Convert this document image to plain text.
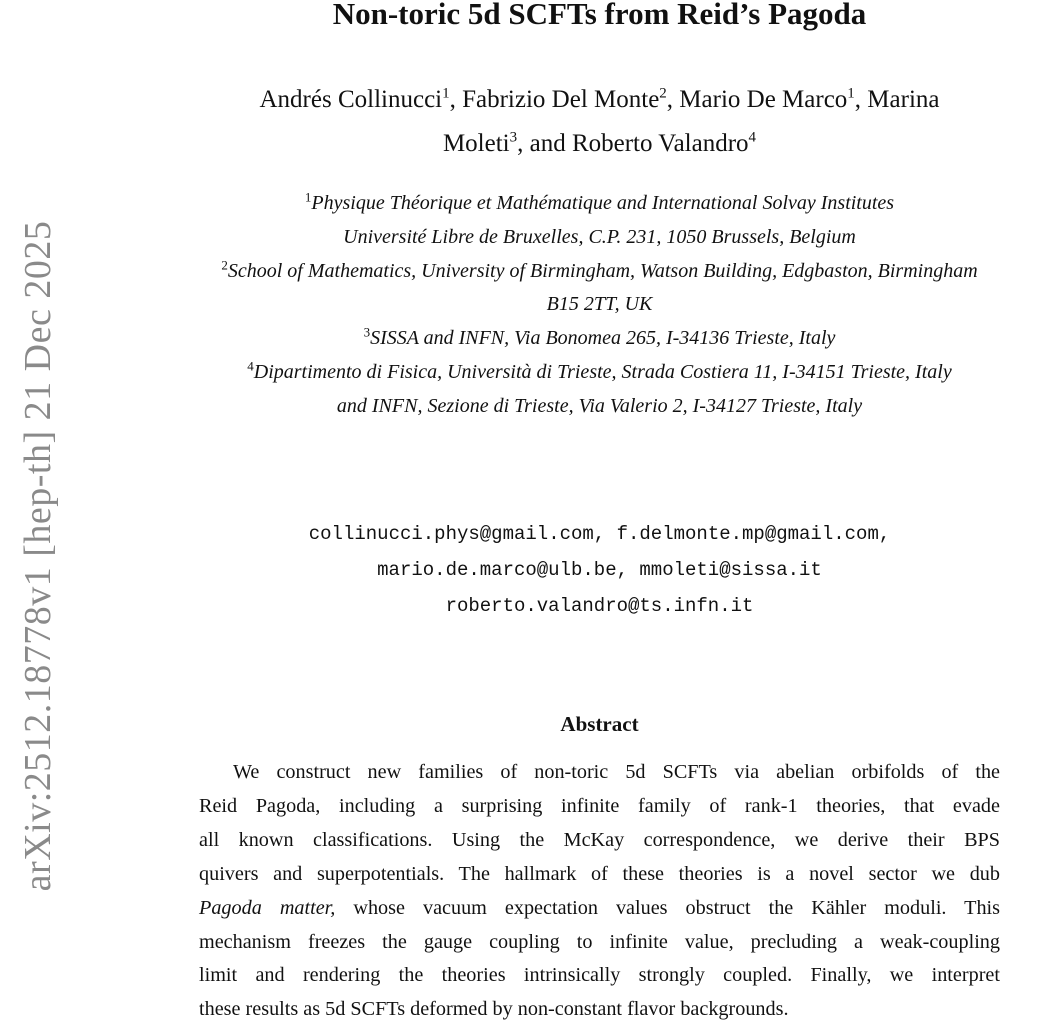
arXiv:2512.18778v1 [hep-th] 21 Dec 2025
Non-toric 5d SCFTs from Reid’s Pagoda
Andrés Collinucci$^1$, Fabrizio Del Monte$^2$, Mario De Marco$^1$, Marina
Moleti$^3$, and Roberto Valandro$^4$
$^1$Physique Théorique et Mathématique and International Solvay Institutes
Université Libre de Bruxelles, C.P. 231, 1050 Brussels, Belgium
$^2$School of Mathematics, University of Birmingham, Watson Building, Edgbaston, Birmingham
B15 2TT, UK
$^3$SISSA and INFN, Via Bonomea 265, I-34136 Trieste, Italy
$^4$Dipartimento di Fisica, Università di Trieste, Strada Costiera 11, I-34151 Trieste, Italy
and INFN, Sezione di Trieste, Via Valerio 2, I-34127 Trieste, Italy
collinucci.phys@gmail.com, f.delmonte.mp@gmail.com,
mario.de.marco@ulb.be, mmoleti@sissa.it
roberto.valandro@ts.infn.it
Abstract
We construct new families of non-toric 5d SCFTs via abelian orbifolds of the
Reid Pagoda, including a surprising infinite family of rank-1 theories, that evade
all known classifications. Using the McKay correspondence, we derive their BPS
quivers and superpotentials. The hallmark of these theories is a novel sector we dub
Pagoda matter, whose vacuum expectation values obstruct the Kähler moduli. This
mechanism freezes the gauge coupling to infinite value, precluding a weak-coupling
limit and rendering the theories intrinsically strongly coupled. Finally, we interpret
these results as 5d SCFTs deformed by non-constant flavor backgrounds.
